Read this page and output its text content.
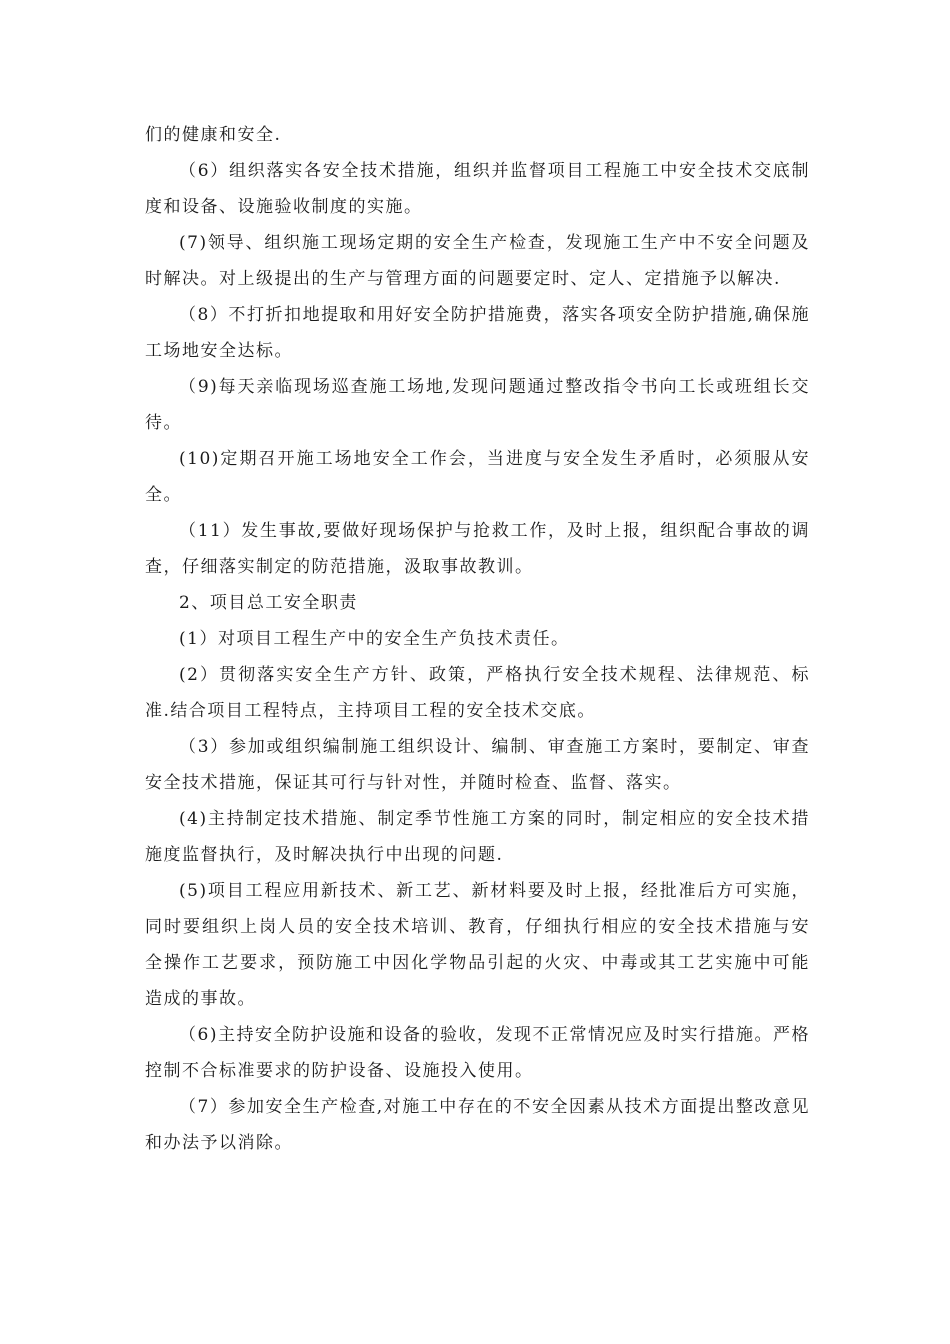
们的健康和安全.

（6）组织落实各安全技术措施，组织并监督项目工程施工中安全技术交底制度和设备、设施验收制度的实施。

(7)领导、组织施工现场定期的安全生产检查，发现施工生产中不安全问题及时解决。对上级提出的生产与管理方面的问题要定时、定人、定措施予以解决.

（8）不打折扣地提取和用好安全防护措施费，落实各项安全防护措施,确保施工场地安全达标。

（9)每天亲临现场巡查施工场地,发现问题通过整改指令书向工长或班组长交待。

(10)定期召开施工场地安全工作会，当进度与安全发生矛盾时，必须服从安全。

（11）发生事故,要做好现场保护与抢救工作，及时上报，组织配合事故的调查，仔细落实制定的防范措施，汲取事故教训。

2、项目总工安全职责

(1）对项目工程生产中的安全生产负技术责任。

(2）贯彻落实安全生产方针、政策，严格执行安全技术规程、法律规范、标准.结合项目工程特点，主持项目工程的安全技术交底。

（3）参加或组织编制施工组织设计、编制、审查施工方案时，要制定、审查安全技术措施，保证其可行与针对性，并随时检查、监督、落实。

(4)主持制定技术措施、制定季节性施工方案的同时，制定相应的安全技术措施度监督执行，及时解决执行中出现的问题.

(5)项目工程应用新技术、新工艺、新材料要及时上报，经批准后方可实施，同时要组织上岗人员的安全技术培训、教育，仔细执行相应的安全技术措施与安全操作工艺要求，预防施工中因化学物品引起的火灾、中毒或其工艺实施中可能造成的事故。

（6)主持安全防护设施和设备的验收，发现不正常情况应及时实行措施。严格控制不合标准要求的防护设备、设施投入使用。

（7）参加安全生产检查,对施工中存在的不安全因素从技术方面提出整改意见和办法予以消除。
